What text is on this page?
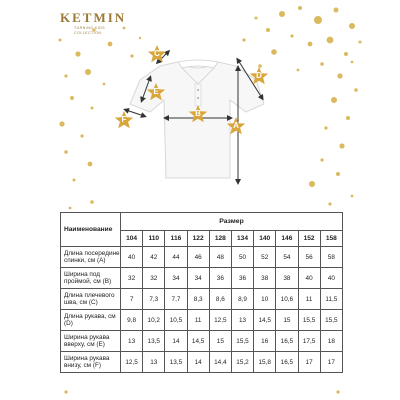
KETMIN
TURNING KIDS
COLLECTION
C
D
E
B
A
F
Наименование	Размер									
	104	110	116	122	128	134	140	146	152	158
Длина посередине спинки, см (A)	40	42	44	46	48	50	52	54	56	58
Ширина под проймой, см (B)	32	32	34	34	36	36	38	38	40	40
Длина плечевого шва, см (C)	7	7,3	7,7	8,3	8,6	8,9	10	10,6	11	11,5
Длина рукава, см (D)	9,8	10,2	10,5	11	12,5	13	14,5	15	15,5	15,5
Ширина рукава вверху, см (E)	13	13,5	14	14,5	15	15,5	16	16,5	17,5	18
Ширина рукава внизу, см (F)	12,5	13	13,5	14	14,4	15,2	15,8	16,5	17	17
